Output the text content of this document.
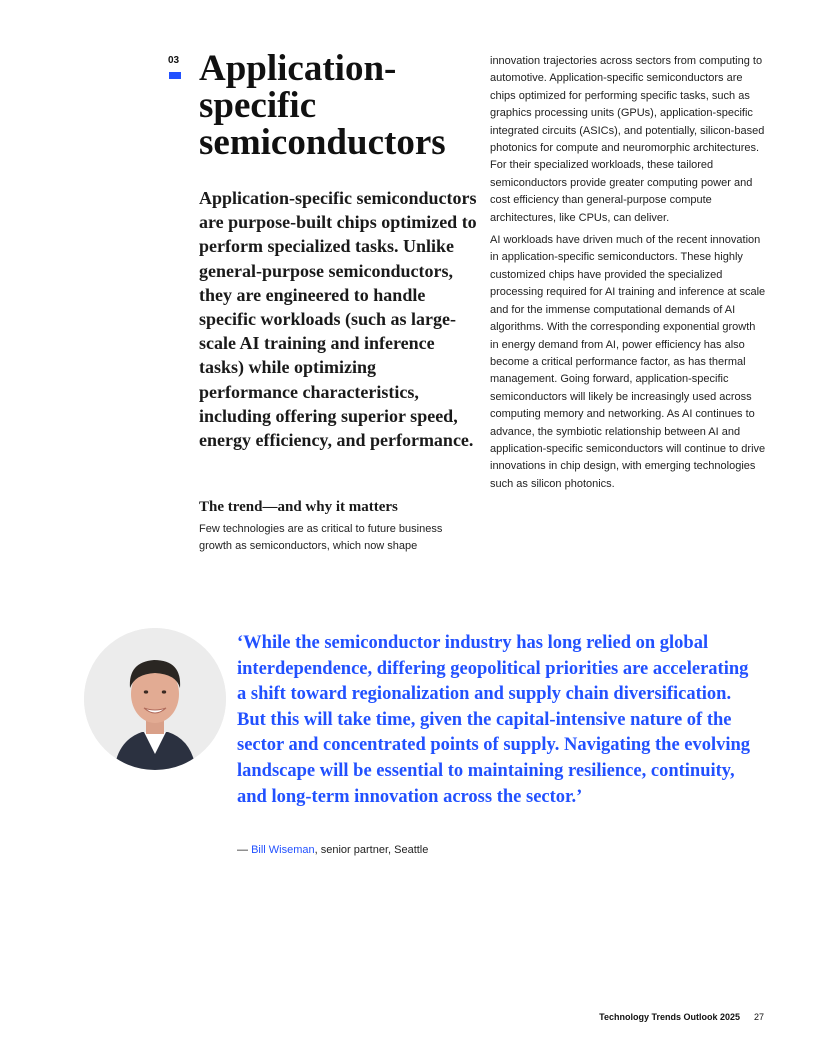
03 Application-specific semiconductors

Application-specific semiconductors are purpose-built chips optimized to perform specialized tasks. Unlike general-purpose semiconductors, they are engineered to handle specific workloads (such as large-scale AI training and inference tasks) while optimizing performance characteristics, including offering superior speed, energy efficiency, and performance.

The trend—and why it matters

Few technologies are as critical to future business growth as semiconductors, which now shape

innovation trajectories across sectors from computing to automotive. Application-specific semiconductors are chips optimized for performing specific tasks, such as graphics processing units (GPUs), application-specific integrated circuits (ASICs), and potentially, silicon-based photonics for compute and neuromorphic architectures. For their specialized workloads, these tailored semiconductors provide greater computing power and cost efficiency than general-purpose compute architectures, like CPUs, can deliver.

AI workloads have driven much of the recent innovation in application-specific semiconductors. These highly customized chips have provided the specialized processing required for AI training and inference at scale and for the immense computational demands of AI algorithms. With the corresponding exponential growth in energy demand from AI, power efficiency has also become a critical performance factor, as has thermal management. Going forward, application-specific semiconductors will likely be increasingly used across computing memory and networking. As AI continues to advance, the symbiotic relationship between AI and application-specific semiconductors will continue to drive innovations in chip design, with emerging technologies such as silicon photonics.

‘While the semiconductor industry has long relied on global interdependence, differing geopolitical priorities are accelerating a shift toward regionalization and supply chain diversification. But this will take time, given the capital-intensive nature of the sector and concentrated points of supply. Navigating the evolving landscape will be essential to maintaining resilience, continuity, and long-term innovation across the sector.’

— Bill Wiseman, senior partner, Seattle

Technology Trends Outlook 2025 27
